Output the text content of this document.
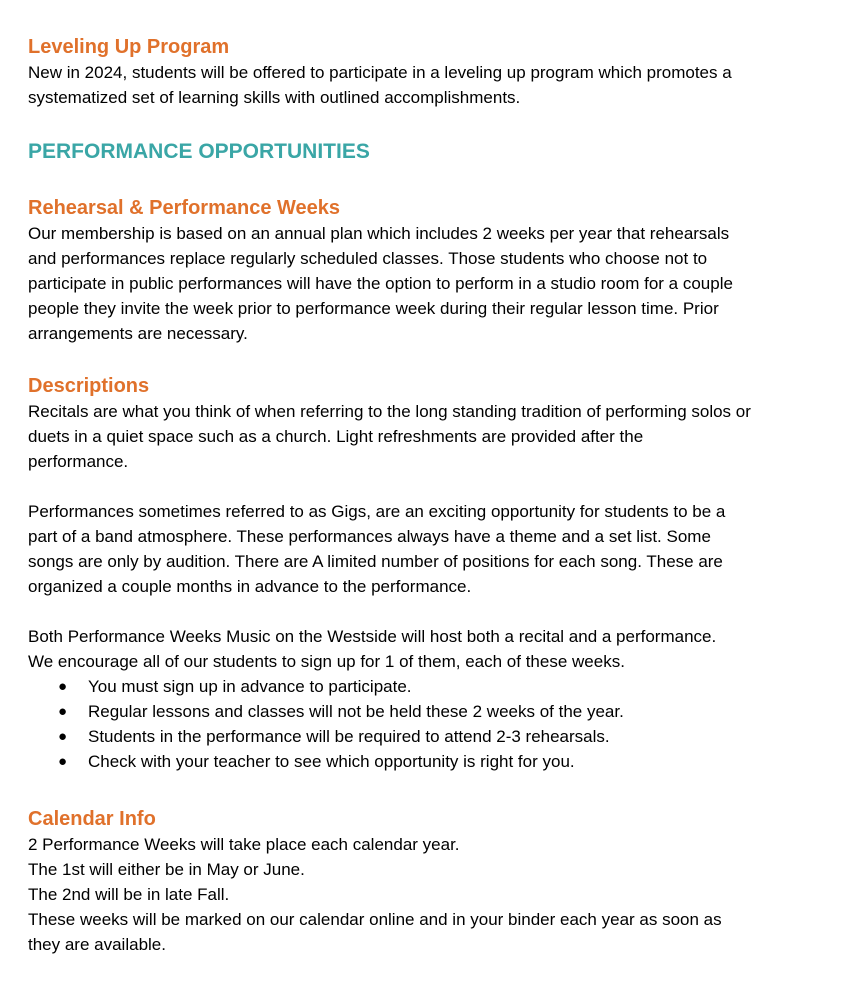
Leveling Up Program

New in 2024, students will be offered to participate in a leveling up program which promotes a

systematized set of learning skills with outlined accomplishments.

PERFORMANCE OPPORTUNITIES
Rehearsal & Performance Weeks

Our membership is based on an annual plan which includes 2 weeks per year that rehearsals

and performances replace regularly scheduled classes. Those students who choose not to

participate in public performances will have the option to perform in a studio room for a couple

people they invite the week prior to performance week during their regular lesson time. Prior

arrangements are necessary.

Descriptions

Recitals are what you think of when referring to the long standing tradition of performing solos or

duets in a quiet space such as a church. Light refreshments are provided after the

performance.

Performances sometimes referred to as Gigs, are an exciting opportunity for students to be a

part of a band atmosphere. These performances always have a theme and a set list. Some

songs are only by audition. There are A limited number of positions for each song. These are

organized a couple months in advance to the performance.

Both Performance Weeks Music on the Westside will host both a recital and a performance.

We encourage all of our students to sign up for 1 of them, each of these weeks.

● You must sign up in advance to participate.
● Regular lessons and classes will not be held these 2 weeks of the year.
● Students in the performance will be required to attend 2-3 rehearsals.
● Check with your teacher to see which opportunity is right for you.
Calendar Info

2 Performance Weeks will take place each calendar year.

The 1st will either be in May or June.

The 2nd will be in late Fall.

These weeks will be marked on our calendar online and in your binder each year as soon as

they are available.
